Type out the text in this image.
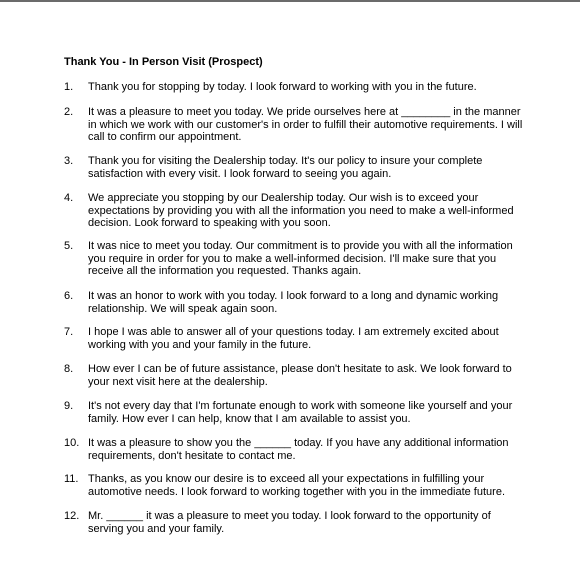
Thank You - In Person Visit (Prospect)
1.	Thank you for stopping by today. I look forward to working with you in the future.
2.	It was a pleasure to meet you today. We pride ourselves here at ________ in the manner
in which we work with our customer's in order to fulfill their automotive requirements. I will
call to confirm our appointment.
3.	Thank you for visiting the Dealership today. It's our policy to insure your complete
satisfaction with every visit. I look forward to seeing you again.
4.	We appreciate you stopping by our Dealership today. Our wish is to exceed your
expectations by providing you with all the information you need to make a well-informed
decision. Look forward to speaking with you soon.
5.	It was nice to meet you today. Our commitment is to provide you with all the information
you require in order for you to make a well-informed decision. I'll make sure that you
receive all the information you requested. Thanks again.
6.	It was an honor to work with you today. I look forward to a long and dynamic working
relationship. We will speak again soon.
7.	I hope I was able to answer all of your questions today. I am extremely excited about
working with you and your family in the future.
8.	How ever I can be of future assistance, please don't hesitate to ask. We look forward to
your next visit here at the dealership.
9.	It's not every day that I'm fortunate enough to work with someone like yourself and your
family. How ever I can help, know that I am available to assist you.
10. It was a pleasure to show you the ______ today. If you have any additional information
requirements, don't hesitate to contact me.
11. Thanks, as you know our desire is to exceed all your expectations in fulfilling your
automotive needs. I look forward to working together with you in the immediate future.
12. Mr. ______ it was a pleasure to meet you today. I look forward to the opportunity of
serving you and your family.
